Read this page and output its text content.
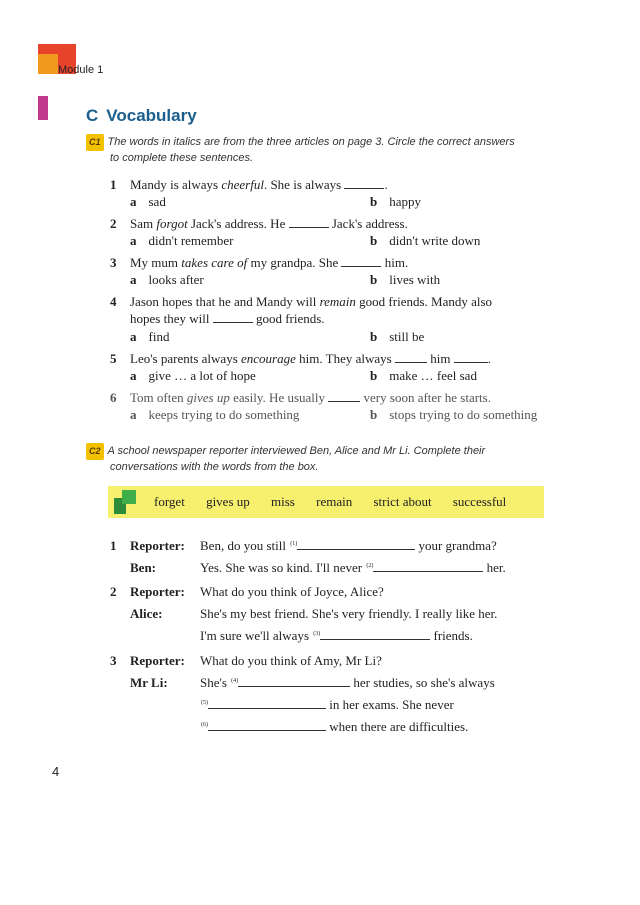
Module 1
C Vocabulary
C1 The words in italics are from the three articles on page 3. Circle the correct answers
to complete these sentences.
1 Mandy is always cheerful. She is always	.
a sad	b happy
2 Sam forgot Jack's address. He	Jack's address.
a didn't remember	b didn't write down
3 My mum takes care of my grandpa. She	him.
a looks after	b lives with
4 Jason hopes that he and Mandy will remain good friends. Mandy also
hopes they will	good friends.
a find	b still be
5 Leo's parents always encourage him. They always	him	.
a give … a lot of hope	b make … feel sad
6 Tom often gives up easily. He usually	very soon after he starts.
a keeps trying to do something	b stops trying to do something
C2 A school newspaper reporter interviewed Ben, Alice and Mr Li. Complete their
conversations with the words from the box.
forget gives up miss remain strict about successful
1 Reporter: Ben, do you still $^{(1)}$	your grandma?
Ben:	Yes. She was so kind. I'll never $^{(2)}$	her.
2 Reporter: What do you think of Joyce, Alice?
Alice:	She's my best friend. She's very friendly. I really like her.
I'm sure we'll always $^{(3)}$	friends.
3 Reporter: What do you think of Amy, Mr Li?
Mr Li: She's $^{(4)}$	her studies, so she's always
$^{(5)}$	in her exams. She never
$^{(6)}$	when there are difficulties.
4
